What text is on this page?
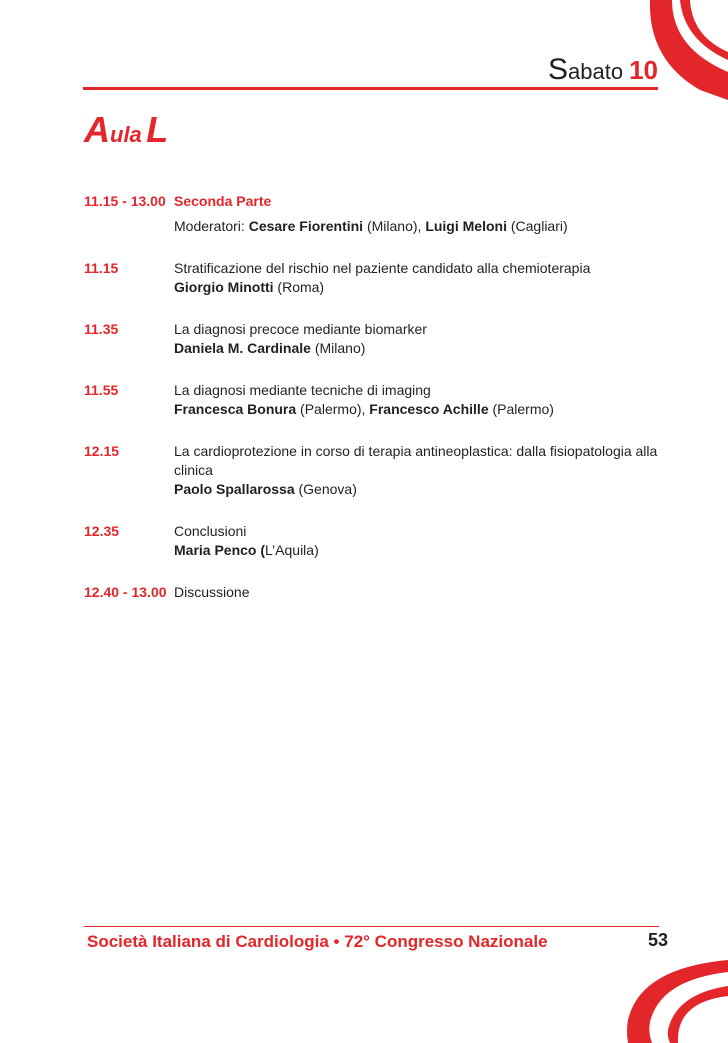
Sabato 10
Aula L
11.15 - 13.00 Seconda Parte
Moderatori: Cesare Fiorentini (Milano), Luigi Meloni (Cagliari)
11.15	Stratificazione del rischio nel paziente candidato alla chemioterapia
Giorgio Minotti (Roma)
11.35	La diagnosi precoce mediante biomarker
Daniela M. Cardinale (Milano)
11.55	La diagnosi mediante tecniche di imaging
Francesca Bonura (Palermo), Francesco Achille (Palermo)
12.15	La cardioprotezione in corso di terapia antineoplastica: dalla fisiopatologia alla clinica
Paolo Spallarossa (Genova)
12.35	Conclusioni
Maria Penco (L’Aquila)
12.40 - 13.00 Discussione
Società Italiana di Cardiologia • 72° Congresso Nazionale	53
